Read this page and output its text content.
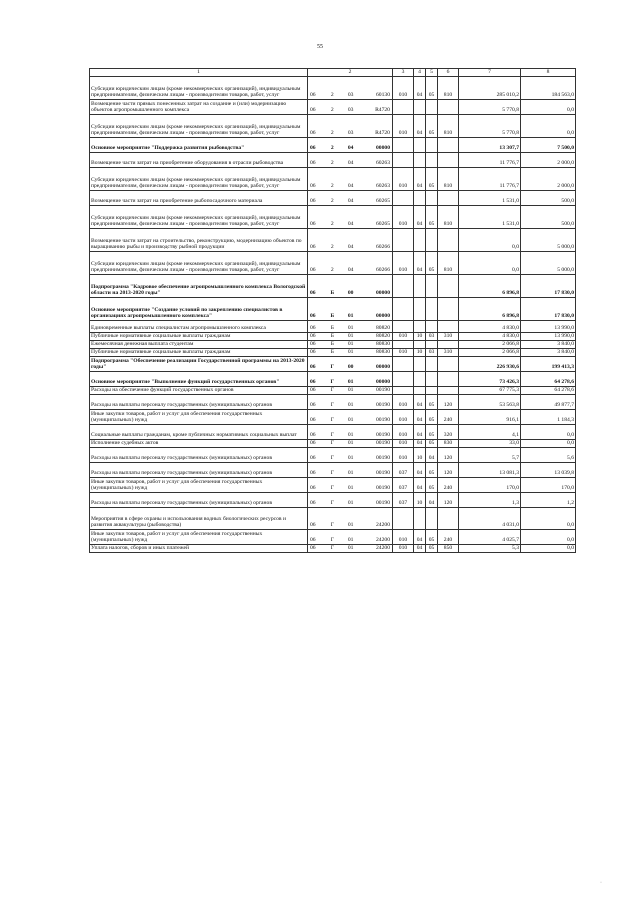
55
1	2	3	4	5	6	7	8
Субсидии юридическим лицам (кроме некоммерческих организаций), индивидуальным предпринимателям, физическим лицам - производителям товаров, работ, услуг	06 2 03 60130	010	04	05	810	285 010,2	184 563,0
Возмещение части прямых понесенных затрат на создание и (или) модернизацию объектов агропромышленного комплекса	06 2 03 R4720					5 770,8	0,0
Субсидии юридическим лицам (кроме некоммерческих организаций), индивидуальным предпринимателям, физическим лицам - производителям товаров, работ, услуг	06 2 03 R4720	010	04	05	810	5 770,8	0,0
Основное мероприятие "Поддержка развития рыбоводства"	06 2 04 00000					13 307,7	7 500,0
Возмещение части затрат на приобретение оборудования в отрасли рыбоводства	06 2 04 60263					11 776,7	2 000,0
Субсидии юридическим лицам (кроме некоммерческих организаций), индивидуальным предпринимателям, физическим лицам - производителям товаров, работ, услуг	06 2 04 60263	010	04	05	810	11 776,7	2 000,0
Возмещение части затрат на приобретение рыбопосадочного материала	06 2 04 60265					1 531,0	500,0
Субсидии юридическим лицам (кроме некоммерческих организаций), индивидуальным предпринимателям, физическим лицам - производителям товаров, работ, услуг	06 2 04 60265	010	04	05	810	1 531,0	500,0
Возмещение части затрат на строительство, реконструкцию, модернизацию объектов по выращиванию рыбы и производству рыбной продукции	06 2 04 60266					0,0	5 000,0
Субсидии юридическим лицам (кроме некоммерческих организаций), индивидуальным предпринимателям, физическим лицам - производителям товаров, работ, услуг	06 2 04 60266	010	04	05	810	0,0	5 000,0
Подпрограмма "Кадровое обеспечение агропромышленного комплекса Вологодской области на 2013-2020 годы"	06 Б 00 00000					6 896,8	17 830,0
Основное мероприятие "Создание условий по закреплению специалистов в организациях агропромышленного комплекса"	06 Б 01 00000					6 896,8	17 830,0
Единовременные выплаты специалистам агропромышленного комплекса	06 Б 01 80820					4 830,0	13 990,0
Публичные нормативные социальные выплаты гражданам	06 Б 01 80820	010	10	03	310	4 830,0	13 990,0
Ежемесячная денежная выплата студентам	06 Б 01 80830					2 066,8	3 840,0
Публичные нормативные социальные выплаты гражданам	06 Б 01 80830	010	10	03	310	2 066,8	3 840,0
Подпрограмма "Обеспечение реализации Государственной программы на 2013-2020 годы"	06 Г 00 00000					226 930,6	199 413,3
Основное мероприятие "Выполнение функций государственных органов"	06 Г 01 00000					73 426,3	64 278,6
Расходы на обеспечение функций государственных органов	06 Г 01 00190					67 775,3	64 278,6
Расходы на выплаты персоналу государственных (муниципальных) органов	06 Г 01 00190	010	04	05	120	53 563,8	49 877,7
Иные закупки товаров, работ и услуг для обеспечения государственных (муниципальных) нужд	06 Г 01 00190	010	04	05	240	916,1	1 184,3
Социальные выплаты гражданам, кроме публичных нормативных социальных выплат	06 Г 01 00190	010	04	05	320	4,1	0,0
Исполнение судебных актов	06 Г 01 00190	010	04	05	830	33,0	0,0
Расходы на выплаты персоналу государственных (муниципальных) органов	06 Г 01 00190	010	10	04	120	5,7	5,6
Расходы на выплаты персоналу государственных (муниципальных) органов	06 Г 01 00190	037	04	05	120	13 081,3	13 039,8
Иные закупки товаров, работ и услуг для обеспечения государственных (муниципальных) нужд	06 Г 01 00190	037	04	05	240	170,0	170,0
Расходы на выплаты персоналу государственных (муниципальных) органов	06 Г 01 00190	037	10	04	120	1,3	1,2
Мероприятия в сфере охраны и использования водных биологических ресурсов и развития аквакультуры (рыбоводства)	06 Г 01 24200					4 031,0	0,0
Иные закупки товаров, работ и услуг для обеспечения государственных (муниципальных) нужд	06 Г 01 24200	010	04	05	240	4 025,7	0,0
Уплата налогов, сборов и иных платежей	06 Г 01 24200	010	04	05	850	5,3	0,0
·
